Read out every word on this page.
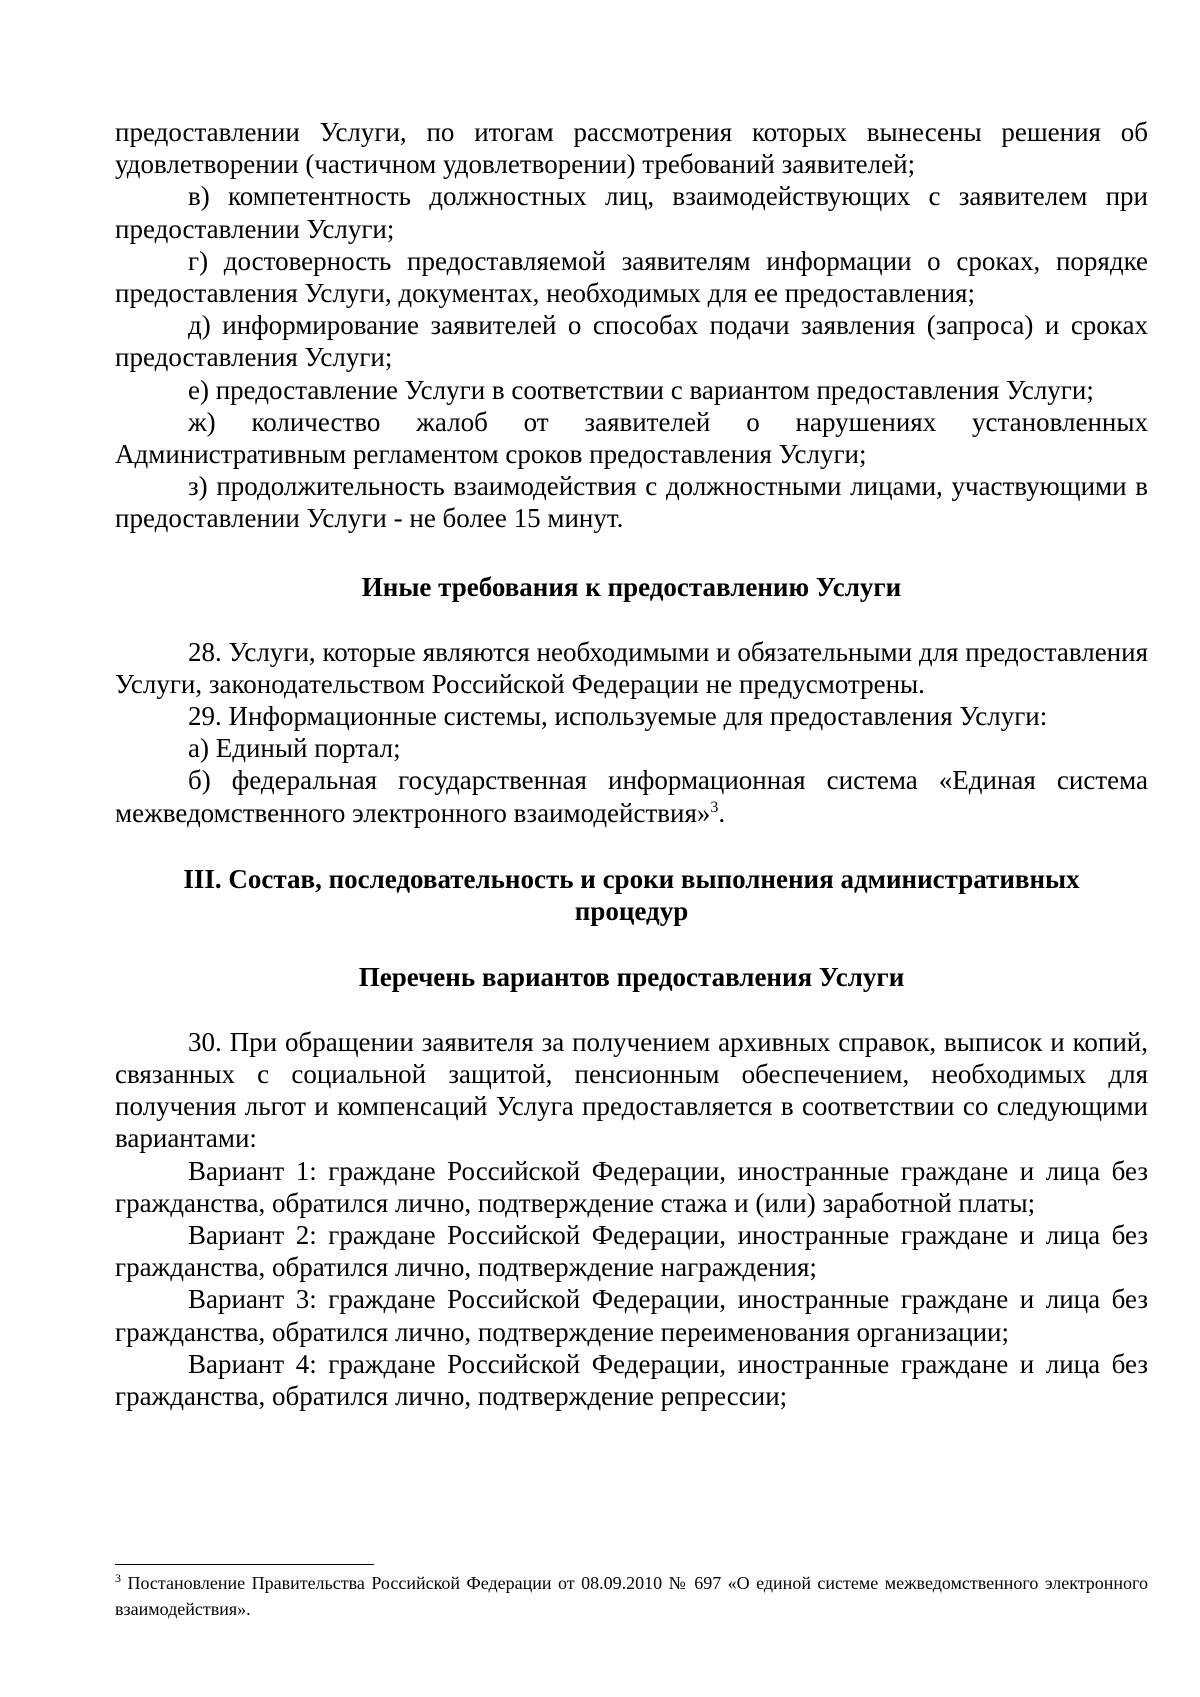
предоставлении Услуги, по итогам рассмотрения которых вынесены решения об удовлетворении (частичном удовлетворении) требований заявителей;

в) компетентность должностных лиц, взаимодействующих с заявителем при предоставлении Услуги;

г) достоверность предоставляемой заявителям информации о сроках, порядке предоставления Услуги, документах, необходимых для ее предоставления;

д) информирование заявителей о способах подачи заявления (запроса) и сроках предоставления Услуги;

е) предоставление Услуги в соответствии с вариантом предоставления Услуги;

ж) количество жалоб от заявителей о нарушениях установленных Административным регламентом сроков предоставления Услуги;

з) продолжительность взаимодействия с должностными лицами, участвующими в предоставлении Услуги - не более 15 минут.

Иные требования к предоставлению Услуги

28. Услуги, которые являются необходимыми и обязательными для предоставления Услуги, законодательством Российской Федерации не предусмотрены.

29. Информационные системы, используемые для предоставления Услуги:

а) Единый портал;

б) федеральная государственная информационная система «Единая система межведомственного электронного взаимодействия»$^3$.

III. Состав, последовательность и сроки выполнения административных
процедур
Перечень вариантов предоставления Услуги

30. При обращении заявителя за получением архивных справок, выписок и копий, связанных с социальной защитой, пенсионным обеспечением, необходимых для получения льгот и компенсаций Услуга предоставляется в соответствии со следующими вариантами:

Вариант 1: граждане Российской Федерации, иностранные граждане и лица без гражданства, обратился лично, подтверждение стажа и (или) заработной платы;

Вариант 2: граждане Российской Федерации, иностранные граждане и лица без гражданства, обратился лично, подтверждение награждения;

Вариант 3: граждане Российской Федерации, иностранные граждане и лица без гражданства, обратился лично, подтверждение переименования организации;

Вариант 4: граждане Российской Федерации, иностранные граждане и лица без гражданства, обратился лично, подтверждение репрессии;

$^3$ Постановление Правительства Российской Федерации от 08.09.2010 № 697 «О единой системе межведомственного электронного взаимодействия».
